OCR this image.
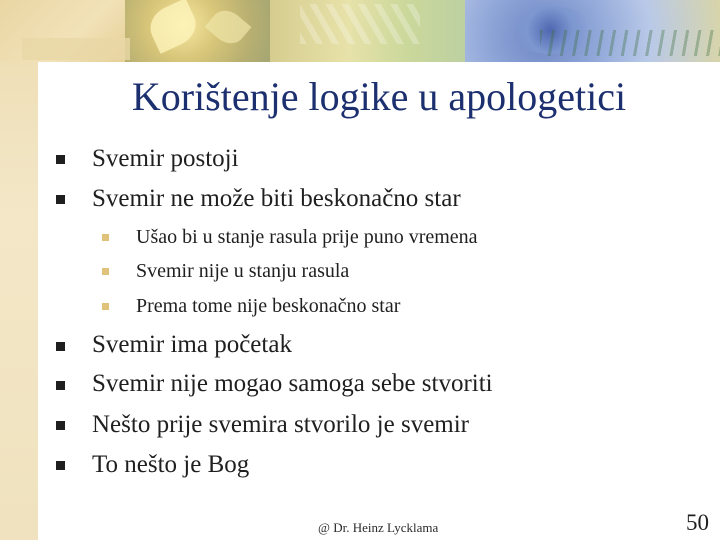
Korištenje logike u apologetici
Svemir postoji
Svemir ne može biti beskonačno star
Ušao bi u stanje rasula prije puno vremena
Svemir nije u stanju rasula
Prema tome nije beskonačno star
Svemir ima početak
Svemir nije mogao samoga sebe stvoriti
Nešto prije svemira stvorilo je svemir
To nešto je Bog
@ Dr. Heinz Lycklama	50
